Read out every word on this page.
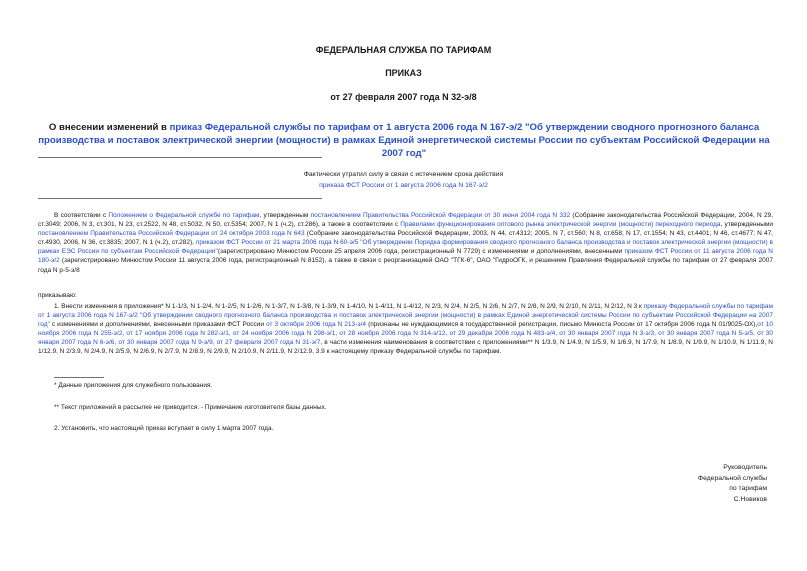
ФЕДЕРАЛЬНАЯ СЛУЖБА ПО ТАРИФАМ
ПРИКАЗ
от 27 февраля 2007 года N 32-э/8
О внесении изменений в приказ Федеральной службы по тарифам от 1 августа 2006 года N 167-э/2 "Об утверждении сводного прогнозного баланса производства и поставок электрической энергии (мощности) в рамках Единой энергетической системы России по субъектам Российской Федерации на 2007 год"
Фактически утратил силу в связи с истечением срока действия
приказа ФСТ России от 1 августа 2006 года N 167-э/2
В соответствии с Положением о Федеральной службе по тарифам, утвержденным постановлением Правительства Российской Федерации от 30 июня 2004 года N 332 (Собрание законодательства Российской Федерации, 2004, N 29, ст.3049; 2006, N 3, ст.301, N 23, ст.2522, N 48, ст.5032, N 50, ст.5354; 2007, N 1 (ч.2), ст.286), а также в соответствии с Правилами функционирования оптового рынка электрической энергии (мощности) переходного периода, утвержденными постановлением Правительства Российской Федерации от 24 октября 2003 года N 643 (Собрание законодательства Российской Федерации, 2003, N 44, ст.4312; 2005, N 7, ст.560; N 8, ст.658; N 17, ст.1554; N 43, ст.4401; N 46, ст.4677; N 47, ст.4930, 2006, N 36, ст.3835; 2007, N 1 (ч.2), ст.282), приказом ФСТ России от 21 марта 2006 года N 60-э/5 "Об утверждении Порядка формирования сводного прогнозного баланса производства и поставок электрической энергии (мощности) в рамках ЕЭС России по субъектам Российской Федерации"(зарегистрировано Минюстом России 25 апреля 2006 года, регистрационный N 7729) с изменениями и дополнениями, внесенными приказом ФСТ России от 11 августа 2006 года N 180-э/2 (зарегистрировано Минюстом России 11 августа 2006 года, регистрационный N 8152), а также в связи с реорганизацией ОАО "ТГК-6", ОАО "ГидроОГК, и решением Правления Федеральной службы по тарифам от 27 февраля 2007 года N р-5-э/8
приказываю:
1. Внести изменения в приложения* N 1-1/3, N 1-2/4, N 1-2/5, N 1-2/6, N 1-3/7, N 1-3/8, N 1-3/9, N 1-4/10, N 1-4/11, N 1-4/12, N 2/3, N 2/4, N 2/5, N 2/6, N 2/7, N 2/8, N 2/9, N 2/10, N 2/11, N 2/12, N 3 к приказу Федеральной службы по тарифам от 1 августа 2006 года N 167-э/2 "Об утверждении сводного прогнозного баланса производства и поставок электрической энергии (мощности) в рамках Единой энергетической системы России по субъектам Российской Федерации на 2007 год" с изменениями и дополнениями, внесенными приказами ФСТ России от 3 октября 2006 года N 213-э/4 (признаны не нуждающимися в государственной регистрации, письмо Минюста России от 17 октября 2006 года N 01/9025-ОХ),от 10 ноября 2006 года N 255-э/2, от 17 ноября 2006 года N 282-э/1, от 24 ноября 2006 года N 298-э/1, от 28 ноября 2006 года N 314-э/12, от 29 декабря 2006 года N 483-э/4, от 30 января 2007 года N 3-э/3, от 30 января 2007 года N 5-э/5, от 30 января 2007 года N 6-э/6, от 30 января 2007 года N 9-э/9, от 27 февраля 2007 года N 31-э/7, в части изменения наименования в соответствии с приложениями** N 1/3.9, N 1/4.9, N 1/5.9, N 1/6.9, N 1/7.9, N 1/8.9, N 1/9.9, N 1/10.9, N 1/11.9, N 1/12.9, N 2/3.9, N 2/4.9, N 2/5.9, N 2/6.9, N 2/7.9, N 2/8.9, N 2/9.9, N 2/10.9, N 2/11.9, N 2/12.9, 3.9 к настоящему приказу Федеральной службы по тарифам.
* Данные приложения для служебного пользования.
** Текст приложений в рассылке не приводится. - Примечание изготовителя базы данных.
2. Установить, что настоящий приказ вступает в силу 1 марта 2007 года.
Руководитель
Федеральной службы
по тарифам
С.Новиков
